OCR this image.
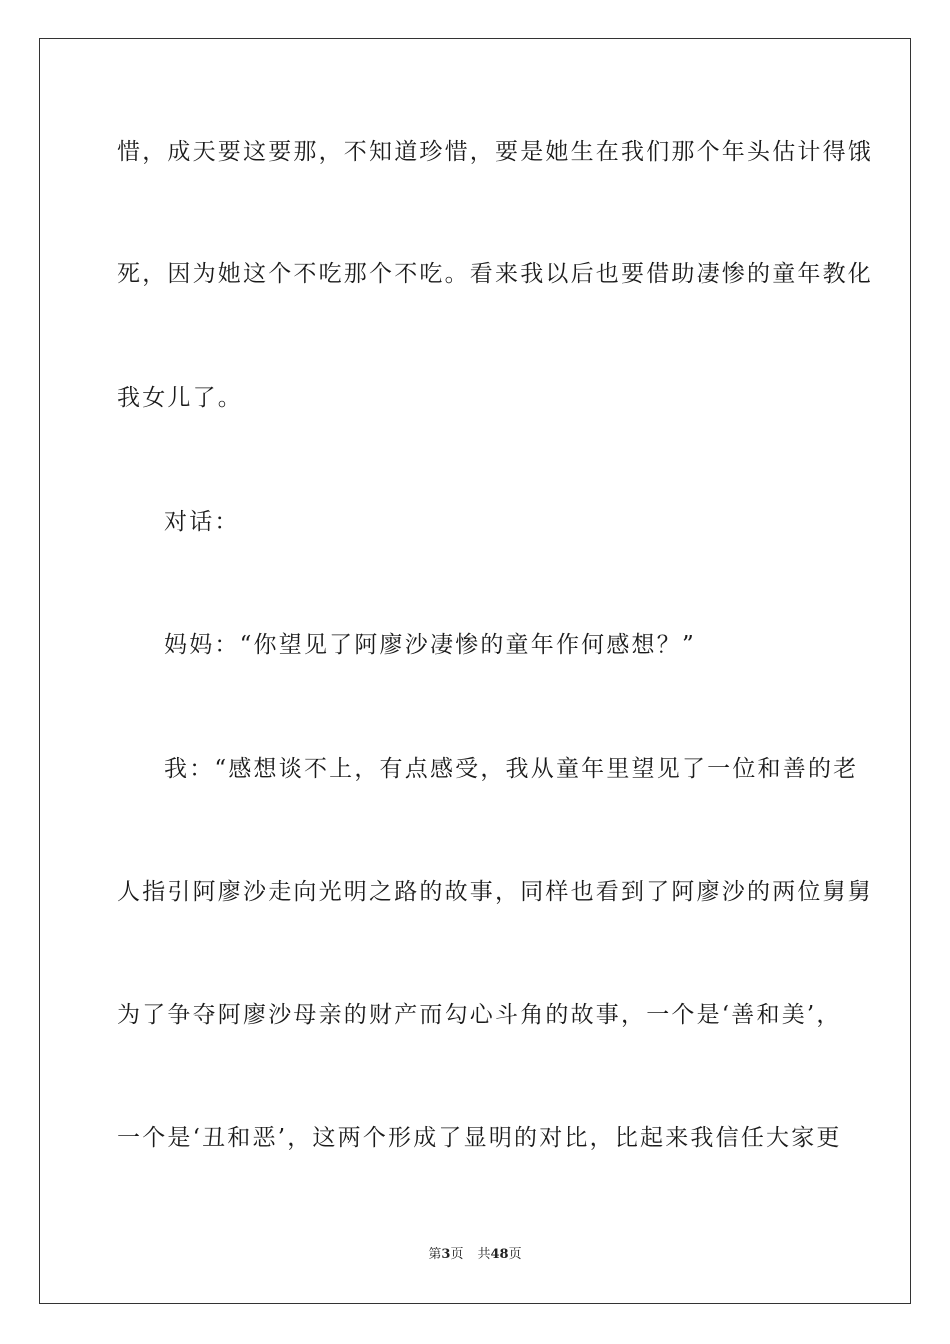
惜，成天要这要那，不知道珍惜，要是她生在我们那个年头估计得饿
死，因为她这个不吃那个不吃。看来我以后也要借助凄惨的童年教化
我女儿了。
对话：
妈妈：“你望见了阿廖沙凄惨的童年作何感想？”
我：“感想谈不上，有点感受，我从童年里望见了一位和善的老
人指引阿廖沙走向光明之路的故事，同样也看到了阿廖沙的两位舅舅
为了争夺阿廖沙母亲的财产而勾心斗角的故事，一个是‘善和美’，
一个是‘丑和恶’，这两个形成了显明的对比，比起来我信任大家更
第3页 共48页
